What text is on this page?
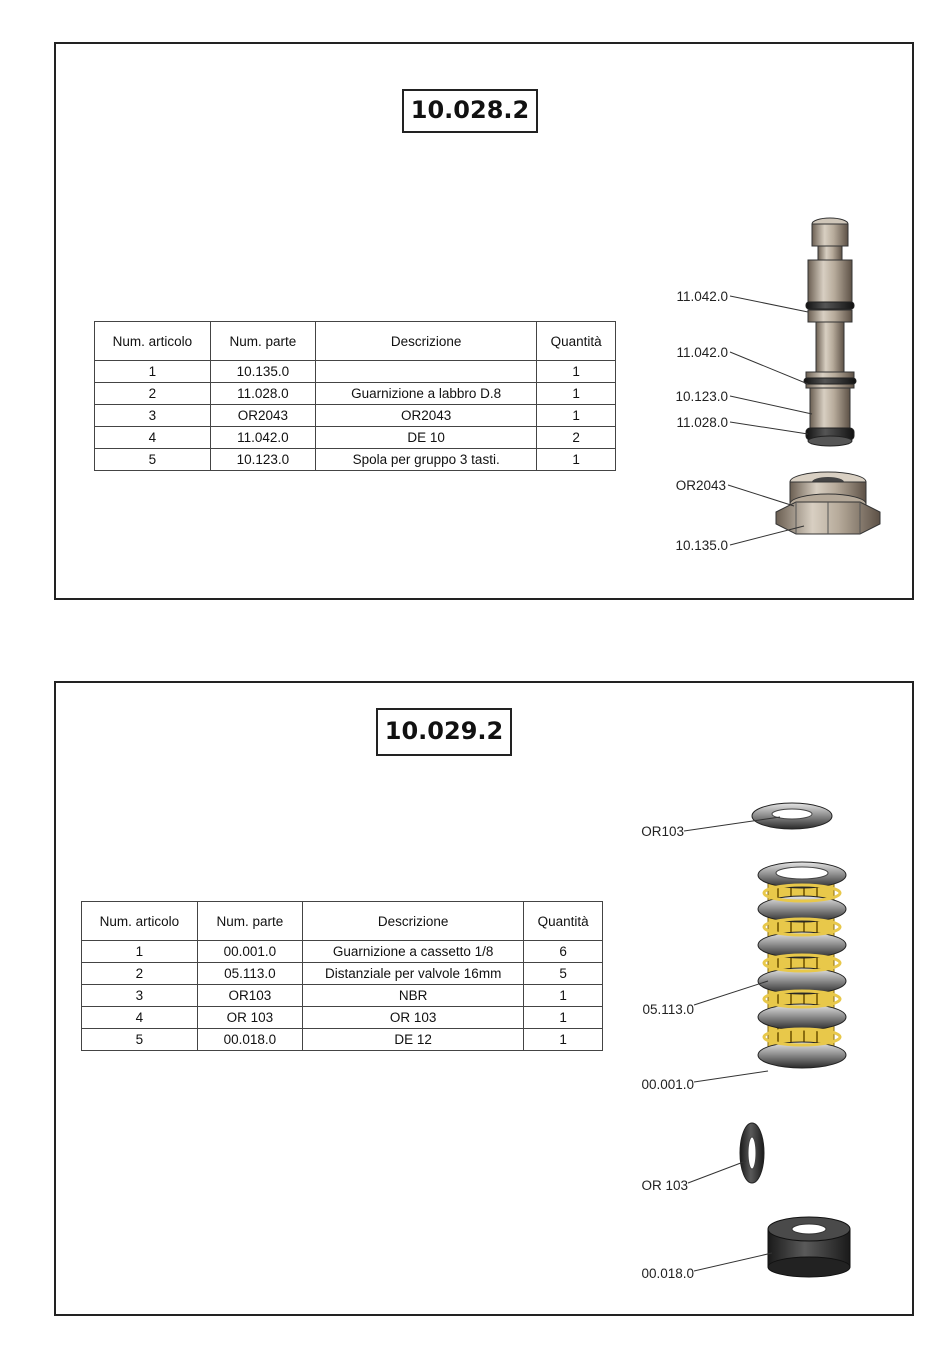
10.028.2
Num. articolo	Num. parte	Descrizione	Quantità
1	10.135.0		1
2	11.028.0	Guarnizione a labbro D.8	1
3	OR2043	OR2043	1
4	11.042.0	DE 10	2
5	10.123.0	Spola per gruppo 3 tasti.	1
11.042.0
11.042.0
10.123.0
11.028.0
OR2043
10.135.0
10.029.2
Num. articolo	Num. parte	Descrizione	Quantità
1	00.001.0	Guarnizione a cassetto 1/8	6
2	05.113.0	Distanziale per valvole 16mm	5
3	OR103	NBR	1
4	OR 103	OR 103	1
5	00.018.0	DE 12	1
OR103
05.113.0
00.001.0
OR 103
00.018.0
